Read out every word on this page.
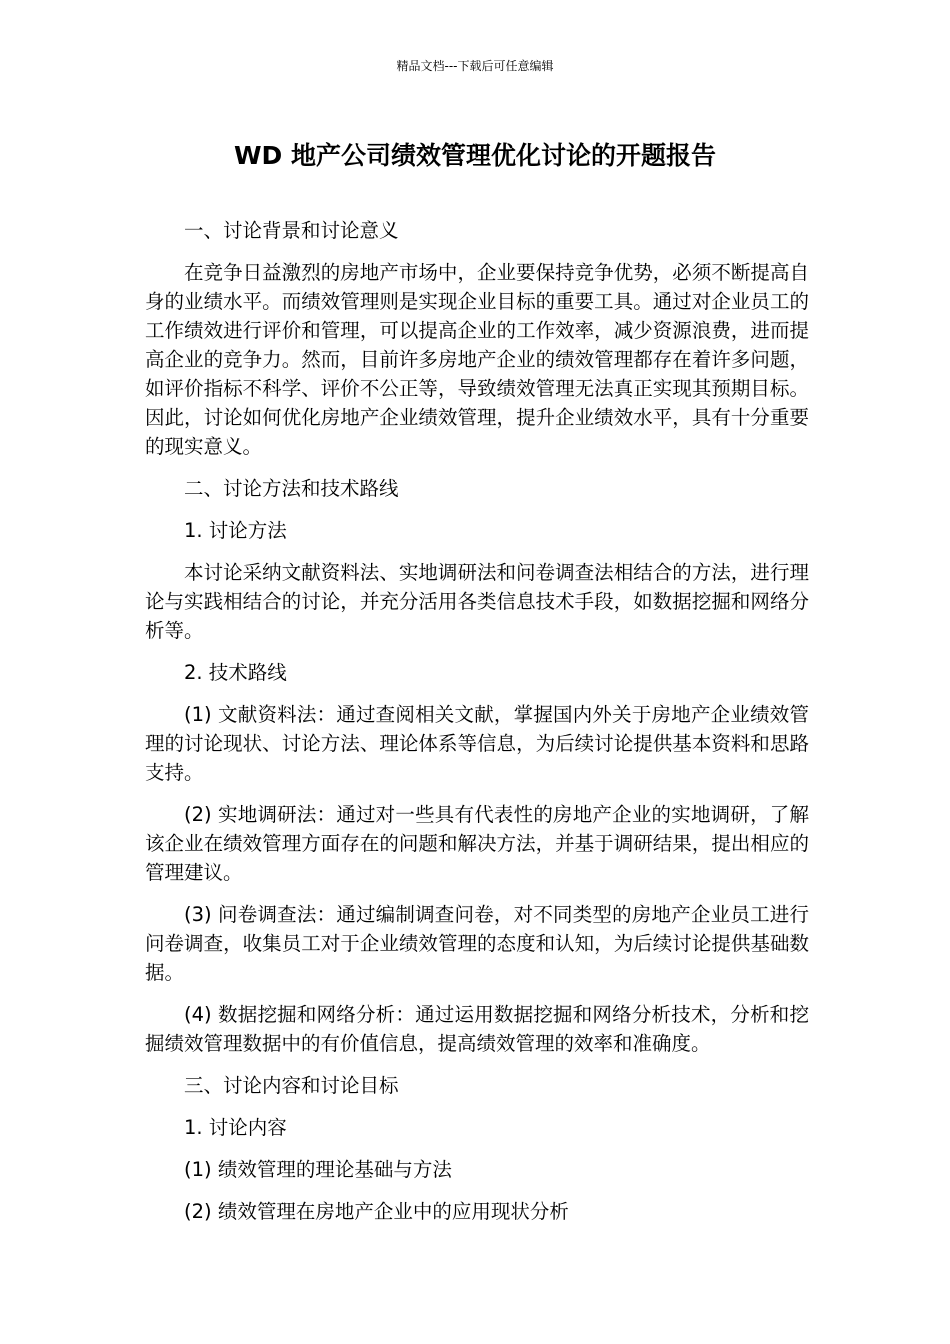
精品文档---下载后可任意编辑
WD 地产公司绩效管理优化讨论的开题报告

一、讨论背景和讨论意义

在竞争日益激烈的房地产市场中，企业要保持竞争优势，必须不断提高自身的业绩水平。而绩效管理则是实现企业目标的重要工具。通过对企业员工的工作绩效进行评价和管理，可以提高企业的工作效率，减少资源浪费，进而提高企业的竞争力。然而，目前许多房地产企业的绩效管理都存在着许多问题，如评价指标不科学、评价不公正等，导致绩效管理无法真正实现其预期目标。因此，讨论如何优化房地产企业绩效管理，提升企业绩效水平，具有十分重要的现实意义。

二、讨论方法和技术路线

1. 讨论方法

本讨论采纳文献资料法、实地调研法和问卷调查法相结合的方法，进行理论与实践相结合的讨论，并充分活用各类信息技术手段，如数据挖掘和网络分析等。

2. 技术路线

(1) 文献资料法：通过查阅相关文献，掌握国内外关于房地产企业绩效管理的讨论现状、讨论方法、理论体系等信息，为后续讨论提供基本资料和思路支持。

(2) 实地调研法：通过对一些具有代表性的房地产企业的实地调研，了解该企业在绩效管理方面存在的问题和解决方法，并基于调研结果，提出相应的管理建议。

(3) 问卷调查法：通过编制调查问卷，对不同类型的房地产企业员工进行问卷调查，收集员工对于企业绩效管理的态度和认知，为后续讨论提供基础数据。

(4) 数据挖掘和网络分析：通过运用数据挖掘和网络分析技术，分析和挖掘绩效管理数据中的有价值信息，提高绩效管理的效率和准确度。

三、讨论内容和讨论目标

1. 讨论内容

(1) 绩效管理的理论基础与方法

(2) 绩效管理在房地产企业中的应用现状分析
